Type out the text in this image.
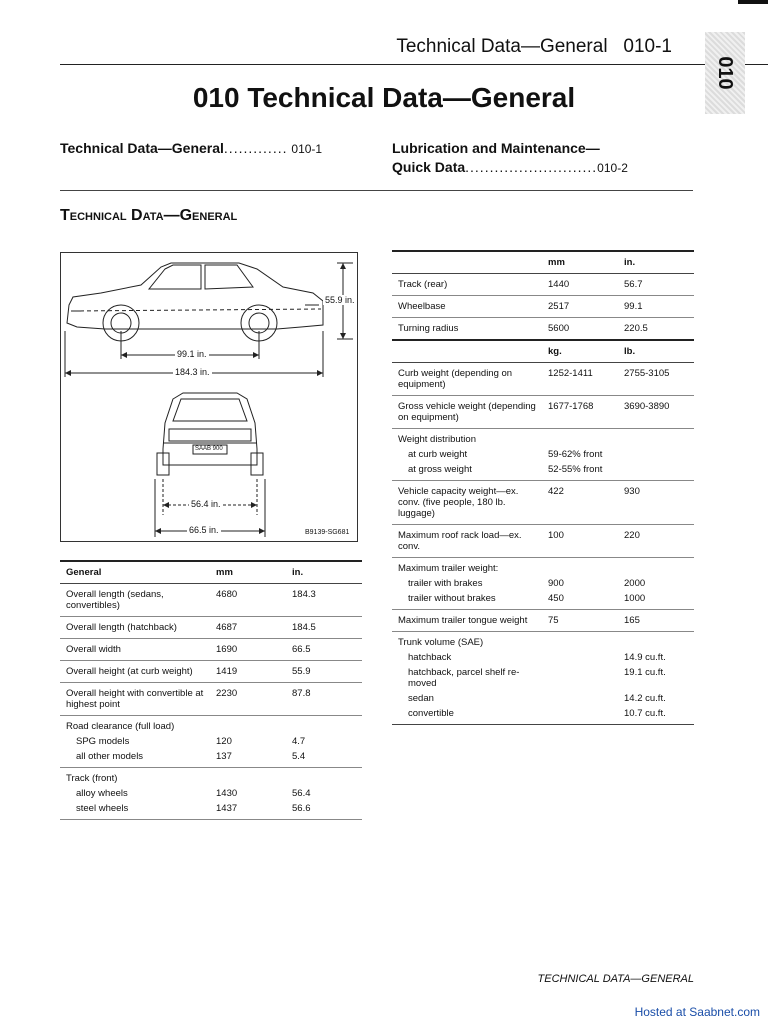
Technical Data—General 010-1
010
010 Technical Data—General
Technical Data—General............. 010-1	Lubrication and Maintenance—
Quick Data...........................010-2
Technical Data—General
55.9 in.
99.1 in.
184.3 in.
SAAB 900
56.4 in.
66.5 in.	B9139-SG681
General	mm	in.
Overall length (sedans, convertibles)	4680	184.3
Overall length (hatchback)	4687	184.5
Overall width	1690	66.5
Overall height (at curb weight)	1419	55.9
Overall height with convertible at highest point	2230	87.8
Road clearance (full load)		
SPG models	120	4.7
all other models	137	5.4
Track (front)		
alloy wheels	1430	56.4
steel wheels	1437	56.6
	mm	in.
Track (rear)	1440	56.7
Wheelbase	2517	99.1
Turning radius	5600	220.5
	kg.	lb.
Curb weight (depending on equipment)	1252-1411	2755-3105
Gross vehicle weight (depending on equipment)	1677-1768	3690-3890
Weight distribution		
at curb weight	59-62% front	
at gross weight	52-55% front	
Vehicle capacity weight—ex. conv. (five people, 180 lb. luggage)	422	930
Maximum roof rack load—ex. conv.	100	220
Maximum trailer weight:		
trailer with brakes	900	2000
trailer without brakes	450	1000
Maximum trailer tongue weight	75	165
Trunk volume (SAE)		
hatchback		14.9 cu.ft.
hatchback, parcel shelf re-moved		19.1 cu.ft.
sedan		14.2 cu.ft.
convertible		10.7 cu.ft.
TECHNICAL DATA—GENERAL
Hosted at Saabnet.com
